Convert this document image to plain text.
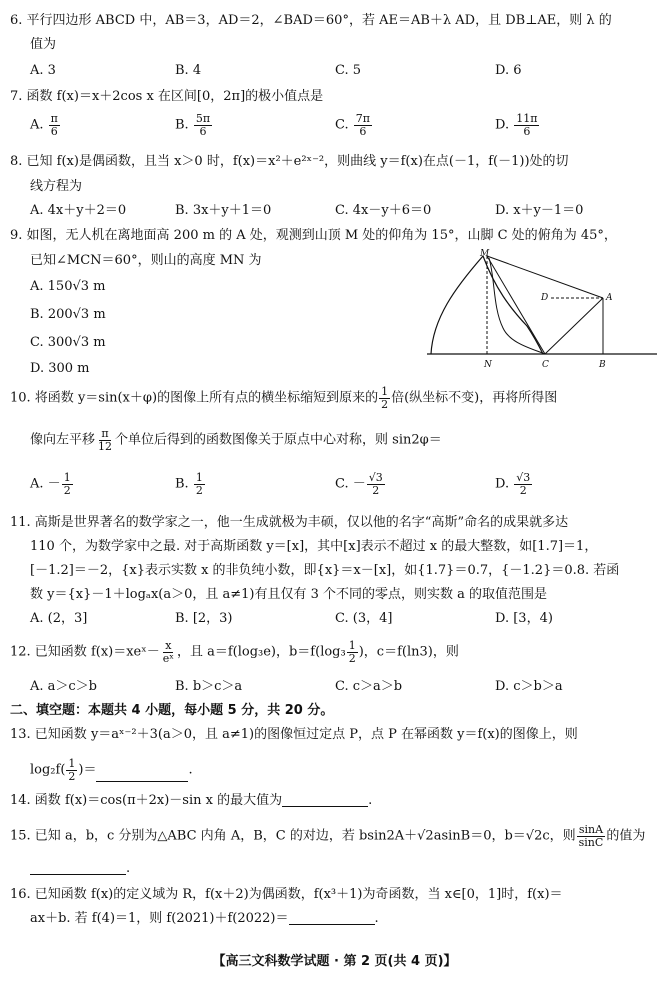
6. 平行四边形 ABCD 中，AB＝3，AD＝2，∠BAD＝60°，若 AE＝AB＋λ AD，且 DB⊥AE，则 λ 的
值为
A. 3	B. 4	C. 5	D. 6
7. 函数 f(x)＝x＋2cos x 在区间[0，2π]的极小值点是
A. $\frac{\pi}{6}$	B. $\frac{5\pi}{6}$	C. $\frac{7\pi}{6}$	D. $\frac{11\pi}{6}$
8. 已知 f(x)是偶函数，且当 x＞0 时，f(x)＝x²＋e²ˣ⁻²，则曲线 y＝f(x)在点(－1，f(－1))处的切
线方程为
A. 4x＋y＋2＝0	B. 3x＋y＋1＝0	C. 4x－y＋6＝0	D. x＋y－1＝0
9. 如图，无人机在离地面高 200 m 的 A 处，观测到山顶 M 处的仰角为 15°，山脚 C 处的俯角为 45°，
已知∠MCN＝60°，则山的高度 MN 为
A. 150√3 m
B. 200√3 m
C. 300√3 m
D. 300 m
M
D	A
N	C	B
10. 将函数 y＝sin(x＋φ)的图像上所有点的横坐标缩短到原来的 $\frac{1}{2}$ 倍(纵坐标不变)，再将所得图
像向左平移 $\frac{\pi}{12}$ 个单位后得到的函数图像关于原点中心对称，则 sin2φ＝
A. － $\frac{1}{2}$	B. $\frac{1}{2}$	C. － $\frac{√3}{2}$	D. $\frac{√3}{2}$
11. 高斯是世界著名的数学家之一，他一生成就极为丰硕，仅以他的名字“高斯”命名的成果就多达
110 个，为数学家中之最. 对于高斯函数 y＝[x]，其中[x]表示不超过 x 的最大整数，如[1.7]＝1，
[－1.2]＝－2，{x}表示实数 x 的非负纯小数，即{x}＝x－[x]，如{1.7}＝0.7，{－1.2}＝0.8. 若函
数 y＝{x}－1＋logₐx(a＞0，且 a≠1)有且仅有 3 个不同的零点，则实数 a 的取值范围是
A. (2，3]	B. [2，3)	C. (3，4]	D. [3，4)
12. 已知函数 f(x)＝xeˣ－ $\frac{x}{\text{eˣ}}$ ，且 a＝f(log₃e)，$b=f(\log_3 \frac{1}{2}$ )，c＝f(ln3)，则
A. a＞c＞b	B. b＞c＞a	C. c＞a＞b	D. c＞b＞a
二、填空题：本题共 4 小题，每小题 5 分，共 20 分。
13. 已知函数 y＝aˣ⁻²＋3(a＞0，且 a≠1)的图像恒过定点 P，点 P 在幂函数 y＝f(x)的图像上，则
$\log_2f( \frac{1}{2}$ )＝	.
14. 函数 f(x)＝cos(π＋2x)－sin x 的最大值为	.
15. 已知 a，b，c 分别为△ABC 内角 A，B，C 的对边，若 bsin2A＋√2asinB＝0，b＝√2c，则 $\frac{\sin A}{\sin C}$ 的值为
.
16. 已知函数 f(x)的定义域为 R，f(x＋2)为偶函数，f(x³＋1)为奇函数，当 x∈[0，1]时，f(x)＝
ax＋b. 若 f(4)＝1，则 f(2021)＋f(2022)＝	.
【高三文科数学试题 · 第 2 页(共 4 页)】
